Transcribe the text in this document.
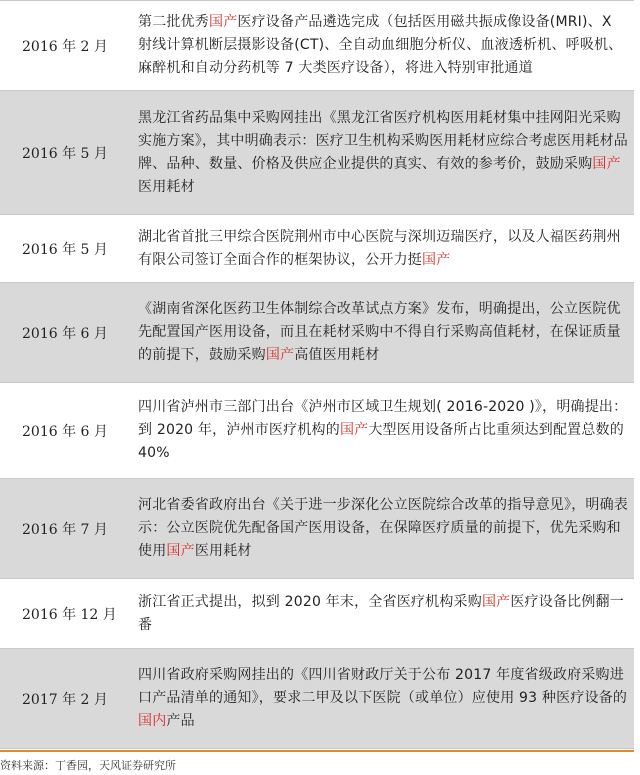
2016 年 2 月
第二批优秀国产医疗设备产品遴选完成（包括医用磁共振成像设备(MRI)、X 射线计算机断层摄影设备(CT)、全自动血细胞分析仪、血液透析机、呼吸机、麻醉机和自动分药机等 7 大类医疗设备），将进入特别审批通道
2016 年 5 月
黑龙江省药品集中采购网挂出《黑龙江省医疗机构医用耗材集中挂网阳光采购实施方案》，其中明确表示：医疗卫生机构采购医用耗材应综合考虑医用耗材品牌、品种、数量、价格及供应企业提供的真实、有效的参考价，鼓励采购国产医用耗材
2016 年 5 月
湖北省首批三甲综合医院荆州市中心医院与深圳迈瑞医疗，以及人福医药荆州有限公司签订全面合作的框架协议，公开力挺国产
2016 年 6 月
《湖南省深化医药卫生体制综合改革试点方案》发布，明确提出，公立医院优先配置国产医用设备，而且在耗材采购中不得自行采购高值耗材，在保证质量的前提下，鼓励采购国产高值医用耗材
2016 年 6 月
四川省泸州市三部门出台《泸州市区域卫生规划( 2016-2020 )》，明确提出：到 2020 年，泸州市医疗机构的国产大型医用设备所占比重须达到配置总数的 40%
2016 年 7 月
河北省委省政府出台《关于进一步深化公立医院综合改革的指导意见》，明确表示：公立医院优先配备国产医用设备，在保障医疗质量的前提下，优先采购和使用国产医用耗材
2016 年 12 月
浙江省正式提出，拟到 2020 年末，全省医疗机构采购国产医疗设备比例翻一番
2017 年 2 月
四川省政府采购网挂出的《四川省财政厅关于公布 2017 年度省级政府采购进口产品清单的通知》，要求二甲及以下医院（或单位）应使用 93 种医疗设备的国内产品
资料来源：丁香园，天风证券研究所
